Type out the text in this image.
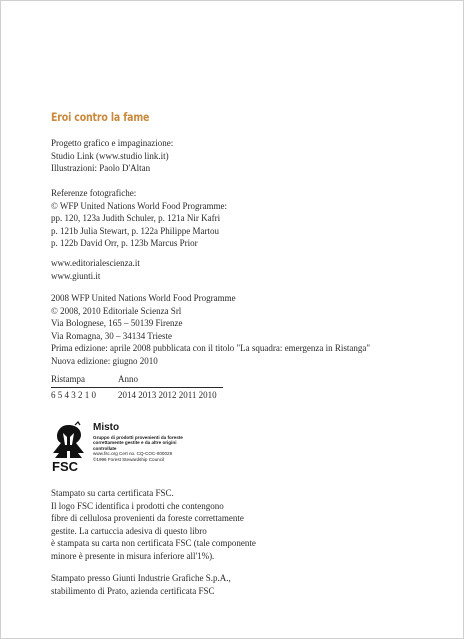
Eroi contro la fame
Progetto grafico e impaginazione:
Studio Link (www.studio link.it)
Illustrazioni: Paolo D'Altan
Referenze fotografiche:
© WFP United Nations World Food Programme:
pp. 120, 123a Judith Schuler, p. 121a Nir Kafri
p. 121b Julia Stewart, p. 122a Philippe Martou
p. 122b David Orr, p. 123b Marcus Prior
www.editorialescienza.it
www.giunti.it
2008 WFP United Nations World Food Programme
© 2008, 2010 Editoriale Scienza Srl
Via Bolognese, 165 – 50139 Firenze
Via Romagna, 30 – 34134 Trieste
Prima edizione: aprile 2008 pubblicata con il titolo "La squadra: emergenza in Ristanga"
Nuova edizione: giugno 2010
Ristampa	Anno
6 5 4 3 2 1 0 2014 2013 2012 2011 2010
FSC
Misto
Gruppo di prodotti provenienti da foreste
correttamente gestite e da altre origini
controllate
www.fsc.org Cert no. CQ-COC-000029
©1996 Forest Stewardship Council
Stampato su carta certificata FSC.
Il logo FSC identifica i prodotti che contengono
fibre di cellulosa provenienti da foreste correttamente
gestite. La cartuccia adesiva di questo libro
è stampata su carta non certificata FSC (tale componente
minore è presente in misura inferiore all'1%).
Stampato presso Giunti Industrie Grafiche S.p.A.,
stabilimento di Prato, azienda certificata FSC
